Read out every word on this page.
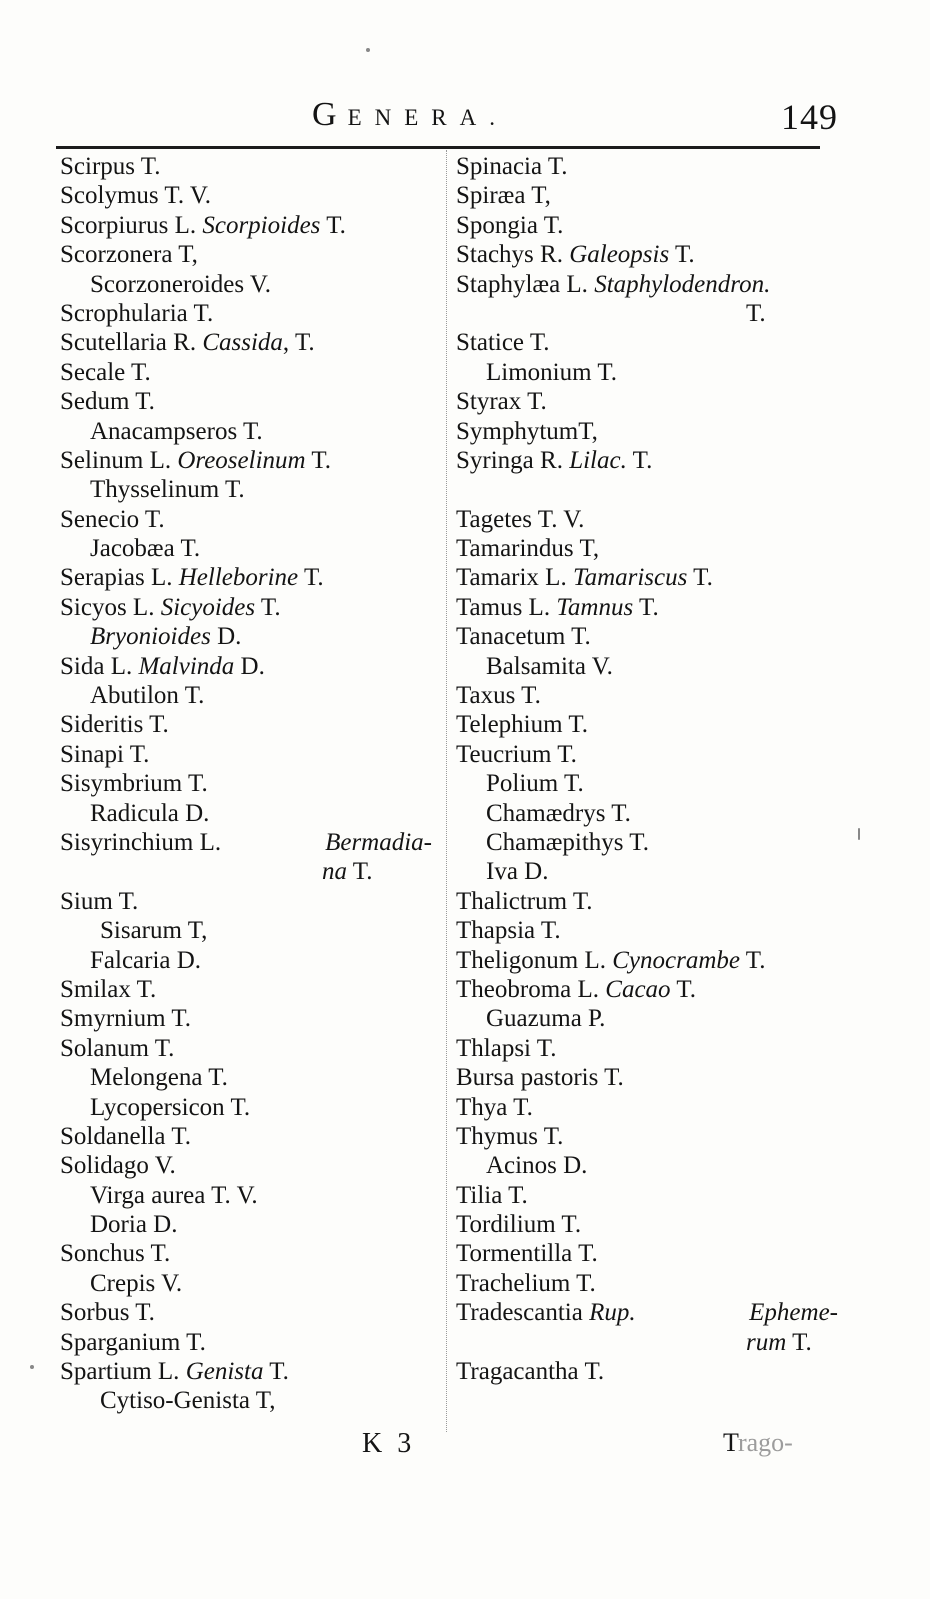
GENERA.	149
Scirpus T.
Scolymus T. V.
Scorpiurus L. Scorpioides T.
Scorzonera T,
Scorzoneroides V.
Scrophularia T.
Scutellaria R. Cassida, T.
Secale T.
Sedum T.
Anacampseros T.
Selinum L. Oreoselinum T.
Thysselinum T.
Senecio T.
Jacobæa T.
Serapias L. Helleborine T.
Sicyos L. Sicyoides T.
Bryonioides D.
Sida L. Malvinda D.
Abutilon T.
Sideritis T.
Sinapi T.
Sisymbrium T.
Radicula D.
Bermadia-
Sisyrinchium L.
na T.
Sium T.
Sisarum T,
Falcaria D.
Smilax T.
Smyrnium T.
Solanum T.
Melongena T.
Lycopersicon T.
Soldanella T.
Solidago V.
Virga aurea T. V.
Doria D.
Sonchus T.
Crepis V.
Sorbus T.
Sparganium T.
Spartium L. Genista T.
Cytiso-Genista T,
Spinacia T.
Spiræa T,
Spongia T.
Stachys R. Galeopsis T.
Staphylæa L. Staphylodendron.
T.
Statice T.
Limonium T.
Styrax T.
SymphytumT,
Syringa R. Lilac. T.
Tagetes T. V.
Tamarindus T,
Tamarix L. Tamariscus T.
Tamus L. Tamnus T.
Tanacetum T.
Balsamita V.
Taxus T.
Telephium T.
Teucrium T.
Polium T.
Chamædrys T.
Chamæpithys T.
Iva D.
Thalictrum T.
Thapsia T.
Theligonum L. Cynocrambe T.
Theobroma L. Cacao T.
Guazuma P.
Thlapsi T.
Bursa pastoris T.
Thya T.
Thymus T.
Acinos D.
Tilia T.
Tordilium T.
Tormentilla T.
Trachelium T.
Epheme-
Tradescantia Rup.
rum T.
Tragacantha T.
K 3	Trago-
